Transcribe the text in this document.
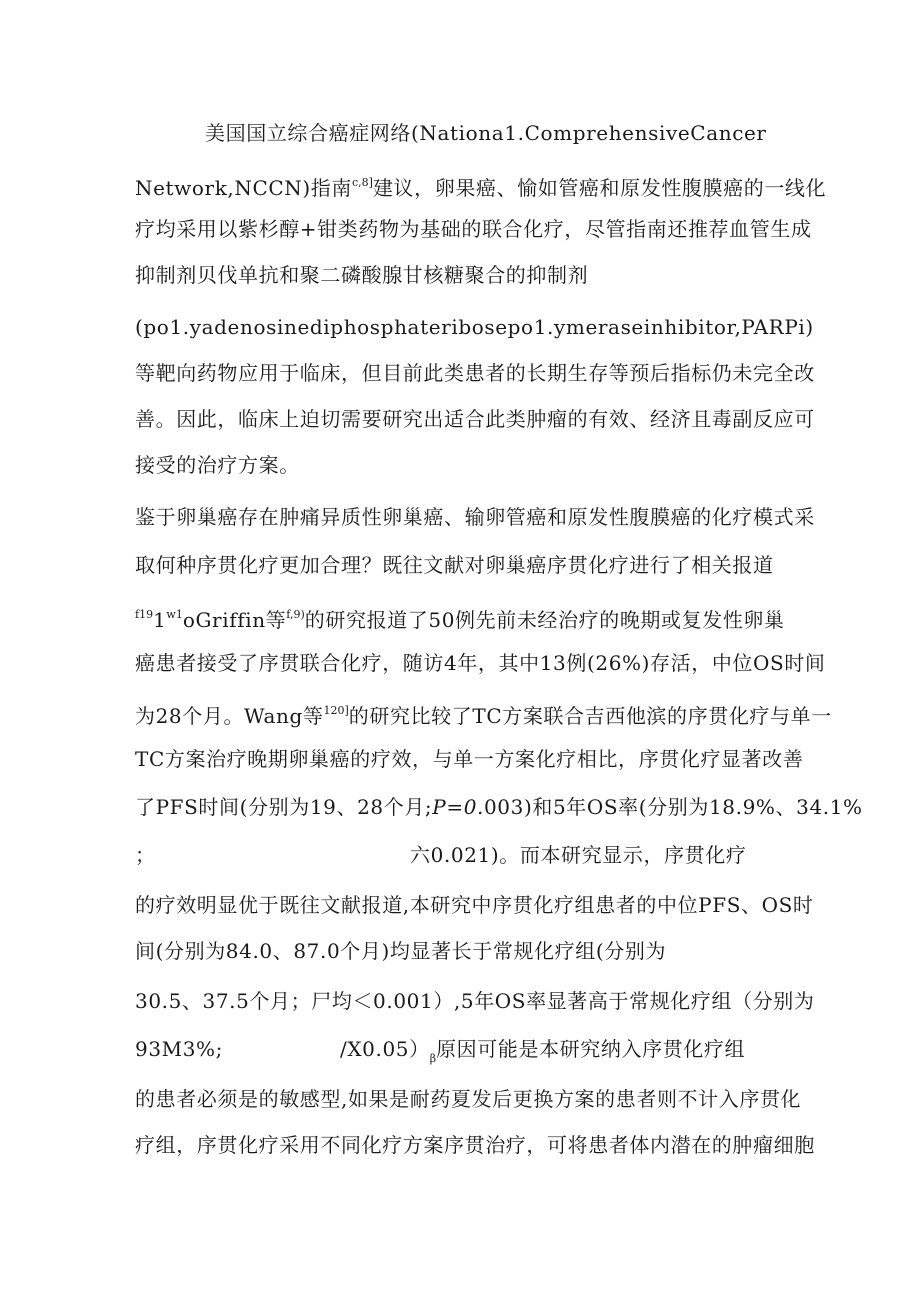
美国国立综合癌症网络(Nationa1.ComprehensiveCancer
Network,NCCN)指南$^{c,8]}$建议，卵果癌、愉如管癌和原发性腹膜癌的一线化
疗均采用以紫杉醇+钳类药物为基础的联合化疗，尽管指南还推荐血管生成
抑制剂贝伐单抗和聚二磷酸腺甘核糖聚合的抑制剂
(po1.yadenosinediphosphateribosepo1.ymeraseinhibitor,PARPi)
等靶向药物应用于临床，但目前此类患者的长期生存等预后指标仍未完全改
善。因此，临床上迫切需要研究出适合此类肿瘤的有效、经济且毒副反应可
接受的治疗方案。
鉴于卵巢癌存在肿痛异质性卵巢癌、输卵管癌和原发性腹膜癌的化疗模式采
取何种序贯化疗更加合理？既往文献对卵巢癌序贯化疗进行了相关报道
$^{f19}1^{w1}oGriffin$等$^{f,9)}$的研究报道了50例先前未经治疗的晚期或复发性卵巢
癌患者接受了序贯联合化疗，随访4年，其中13例(26%)存活，中位OS时间
为28个月。Wang等$^{120]}$的研究比较了TC方案联合吉西他滨的序贯化疗与单一
TC方案治疗晚期卵巢癌的疗效，与单一方案化疗相比，序贯化疗显著改善
了PFS时间(分别为19、28个月;P=0.003)和5年OS率(分别为18.9%、34.1%
；	六0.021)。而本研究显示，序贯化疗
的疗效明显优于既往文献报道,本研究中序贯化疗组患者的中位PFS、OS时
间(分别为84.0、87.0个月)均显著长于常规化疗组(分别为
30.5、37.5个月；尸均＜0.001）,5年OS率显著高于常规化疗组（分别为
93M3%;	$/X0.05)_\beta$原因可能是本研究纳入序贯化疗组
的患者必须是的敏感型,如果是耐药夏发后更换方案的患者则不计入序贯化
疗组，序贯化疗采用不同化疗方案序贯治疗，可将患者体内潜在的肿瘤细胞
